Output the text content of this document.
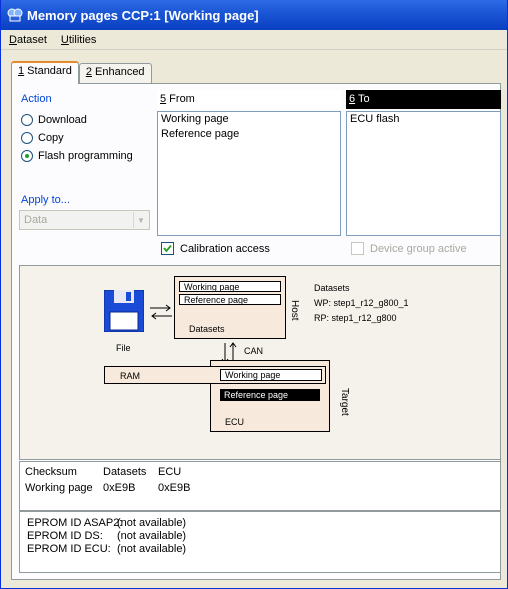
Memory pages CCP:1 [Working page]
Dataset	Utilities
1 Standard	2 Enhanced
Action
Download
Copy
Flash programming
Apply to...
Data	▼
5 From
Working page
Reference page
6 To
ECU flash
Calibration access	Device group active
File
Working page
Reference page
Datasets
Host
Datasets
WP: step1_r12_g800_1
RP: step1_r12_g800
CAN
Reference page
ECU
RAM	Working page
Target
Checksum Datasets ECU
Working page 0xE9B 0xE9B
EPROM ID ASAP2:
(not available)
EPROM ID DS:	(not available)
EPROM ID ECU: (not available)
